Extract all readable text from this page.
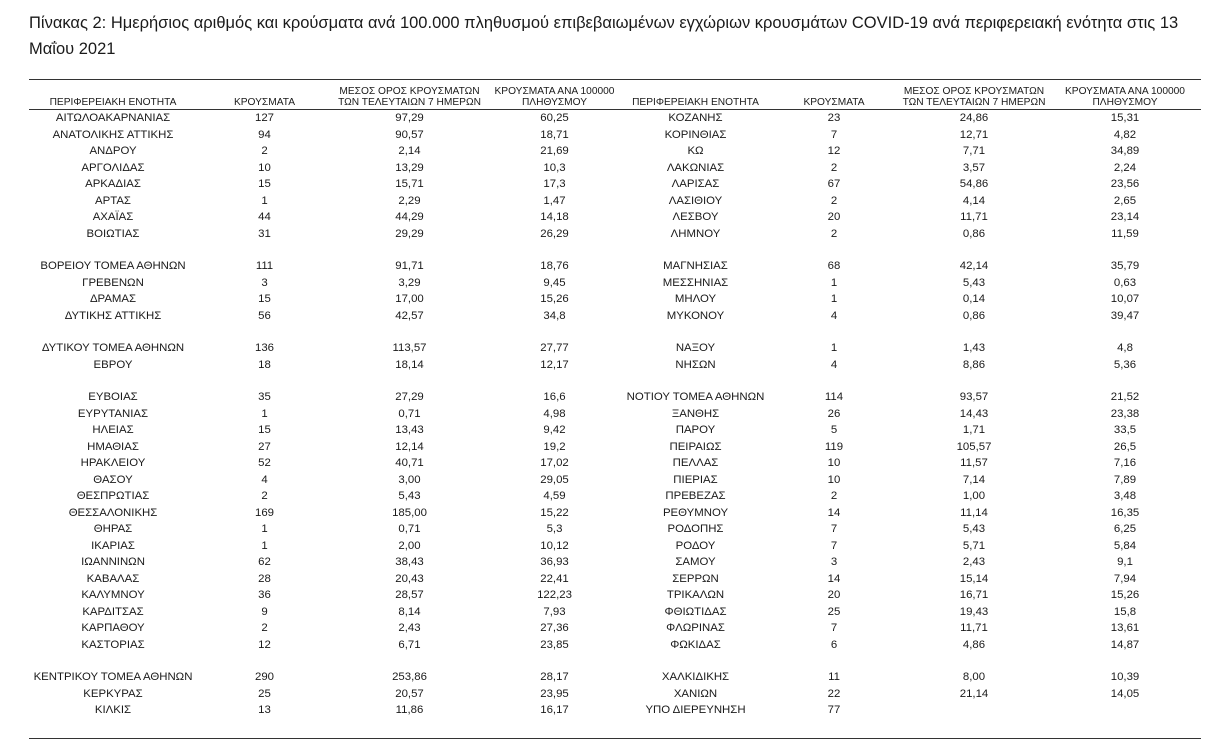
Πίνακας 2: Ημερήσιος αριθμός και κρούσματα ανά 100.000 πληθυσμού επιβεβαιωμένων εγχώριων κρουσμάτων COVID-19 ανά περιφερειακή ενότητα στις 13 Μαΐου 2021
ΠΕΡΙΦΕΡΕΙΑΚΗ ΕΝΟΤΗΤΑ	ΚΡΟΥΣΜΑΤΑ	ΜΕΣΟΣ ΟΡΟΣ ΚΡΟΥΣΜΑΤΩΝ ΤΩΝ ΤΕΛΕΥΤΑΙΩΝ 7 ΗΜΕΡΩΝ	ΚΡΟΥΣΜΑΤΑ ΑΝΑ 100000 ΠΛΗΘΥΣΜΟΥ	ΠΕΡΙΦΕΡΕΙΑΚΗ ΕΝΟΤΗΤΑ	ΚΡΟΥΣΜΑΤΑ	ΜΕΣΟΣ ΟΡΟΣ ΚΡΟΥΣΜΑΤΩΝ ΤΩΝ ΤΕΛΕΥΤΑΙΩΝ 7 ΗΜΕΡΩΝ	ΚΡΟΥΣΜΑΤΑ ΑΝΑ 100000 ΠΛΗΘΥΣΜΟΥ
ΑΙΤΩΛΟΑΚΑΡΝΑΝΙΑΣ	127	97,29	60,25	ΚΟΖΑΝΗΣ	23	24,86	15,31
ΑΝΑΤΟΛΙΚΗΣ ΑΤΤΙΚΗΣ	94	90,57	18,71	ΚΟΡΙΝΘΙΑΣ	7	12,71	4,82
ΑΝΔΡΟΥ	2	2,14	21,69	ΚΩ	12	7,71	34,89
ΑΡΓΟΛΙΔΑΣ	10	13,29	10,3	ΛΑΚΩΝΙΑΣ	2	3,57	2,24
ΑΡΚΑΔΙΑΣ	15	15,71	17,3	ΛΑΡΙΣΑΣ	67	54,86	23,56
ΑΡΤΑΣ	1	2,29	1,47	ΛΑΣΙΘΙΟΥ	2	4,14	2,65
ΑΧΑΪΑΣ	44	44,29	14,18	ΛΕΣΒΟΥ	20	11,71	23,14
ΒΟΙΩΤΙΑΣ	31	29,29	26,29	ΛΗΜΝΟΥ	2	0,86	11,59

ΒΟΡΕΙΟΥ ΤΟΜΕΑ ΑΘΗΝΩΝ	111	91,71	18,76	ΜΑΓΝΗΣΙΑΣ	68	42,14	35,79
ΓΡΕΒΕΝΩΝ	3	3,29	9,45	ΜΕΣΣΗΝΙΑΣ	1	5,43	0,63
ΔΡΑΜΑΣ	15	17,00	15,26	ΜΗΛΟΥ	1	0,14	10,07
ΔΥΤΙΚΗΣ ΑΤΤΙΚΗΣ	56	42,57	34,8	ΜΥΚΟΝΟΥ	4	0,86	39,47

ΔΥΤΙΚΟΥ ΤΟΜΕΑ ΑΘΗΝΩΝ	136	113,57	27,77	ΝΑΞΟΥ	1	1,43	4,8
ΕΒΡΟΥ	18	18,14	12,17	ΝΗΣΩΝ	4	8,86	5,36

ΕΥΒΟΙΑΣ	35	27,29	16,6	ΝΟΤΙΟΥ ΤΟΜΕΑ ΑΘΗΝΩΝ	114	93,57	21,52
ΕΥΡΥΤΑΝΙΑΣ	1	0,71	4,98	ΞΑΝΘΗΣ	26	14,43	23,38
ΗΛΕΙΑΣ	15	13,43	9,42	ΠΑΡΟΥ	5	1,71	33,5
ΗΜΑΘΙΑΣ	27	12,14	19,2	ΠΕΙΡΑΙΩΣ	119	105,57	26,5
ΗΡΑΚΛΕΙΟΥ	52	40,71	17,02	ΠΕΛΛΑΣ	10	11,57	7,16
ΘΑΣΟΥ	4	3,00	29,05	ΠΙΕΡΙΑΣ	10	7,14	7,89
ΘΕΣΠΡΩΤΙΑΣ	2	5,43	4,59	ΠΡΕΒΕΖΑΣ	2	1,00	3,48
ΘΕΣΣΑΛΟΝΙΚΗΣ	169	185,00	15,22	ΡΕΘΥΜΝΟΥ	14	11,14	16,35
ΘΗΡΑΣ	1	0,71	5,3	ΡΟΔΟΠΗΣ	7	5,43	6,25
ΙΚΑΡΙΑΣ	1	2,00	10,12	ΡΟΔΟΥ	7	5,71	5,84
ΙΩΑΝΝΙΝΩΝ	62	38,43	36,93	ΣΑΜΟΥ	3	2,43	9,1
ΚΑΒΑΛΑΣ	28	20,43	22,41	ΣΕΡΡΩΝ	14	15,14	7,94
ΚΑΛΥΜΝΟΥ	36	28,57	122,23	ΤΡΙΚΑΛΩΝ	20	16,71	15,26
ΚΑΡΔΙΤΣΑΣ	9	8,14	7,93	ΦΘΙΩΤΙΔΑΣ	25	19,43	15,8
ΚΑΡΠΑΘΟΥ	2	2,43	27,36	ΦΛΩΡΙΝΑΣ	7	11,71	13,61
ΚΑΣΤΟΡΙΑΣ	12	6,71	23,85	ΦΩΚΙΔΑΣ	6	4,86	14,87

ΚΕΝΤΡΙΚΟΥ ΤΟΜΕΑ ΑΘΗΝΩΝ	290	253,86	28,17	ΧΑΛΚΙΔΙΚΗΣ	11	8,00	10,39
ΚΕΡΚΥΡΑΣ	25	20,57	23,95	ΧΑΝΙΩΝ	22	21,14	14,05
ΚΙΛΚΙΣ	13	11,86	16,17	ΥΠΟ ΔΙΕΡΕΥΝΗΣΗ	77		
